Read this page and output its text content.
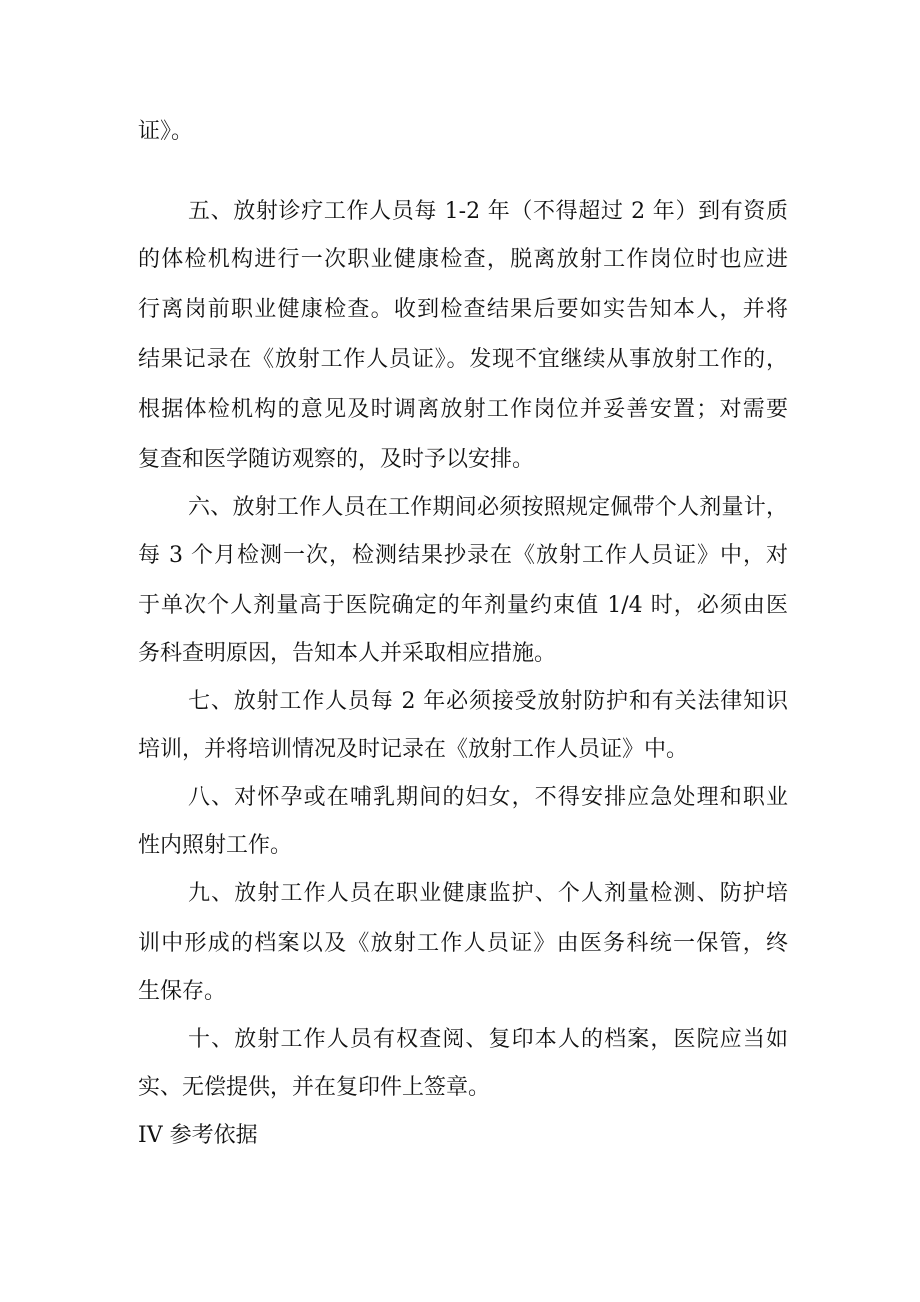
证》。
五、放射诊疗工作人员每 1-2 年（不得超过 2 年）到有资质
的体检机构进行一次职业健康检查，脱离放射工作岗位时也应进
行离岗前职业健康检查。收到检查结果后要如实告知本人，并将
结果记录在《放射工作人员证》。发现不宜继续从事放射工作的，
根据体检机构的意见及时调离放射工作岗位并妥善安置；对需要
复查和医学随访观察的，及时予以安排。
六、放射工作人员在工作期间必须按照规定佩带个人剂量计，
每 3 个月检测一次，检测结果抄录在《放射工作人员证》中，对
于单次个人剂量高于医院确定的年剂量约束值 1/4 时，必须由医
务科查明原因，告知本人并采取相应措施。
七、放射工作人员每 2 年必须接受放射防护和有关法律知识
培训，并将培训情况及时记录在《放射工作人员证》中。
八、对怀孕或在哺乳期间的妇女，不得安排应急处理和职业
性内照射工作。
九、放射工作人员在职业健康监护、个人剂量检测、防护培
训中形成的档案以及《放射工作人员证》由医务科统一保管，终
生保存。
十、放射工作人员有权查阅、复印本人的档案，医院应当如
实、无偿提供，并在复印件上签章。
IV 参考依据
